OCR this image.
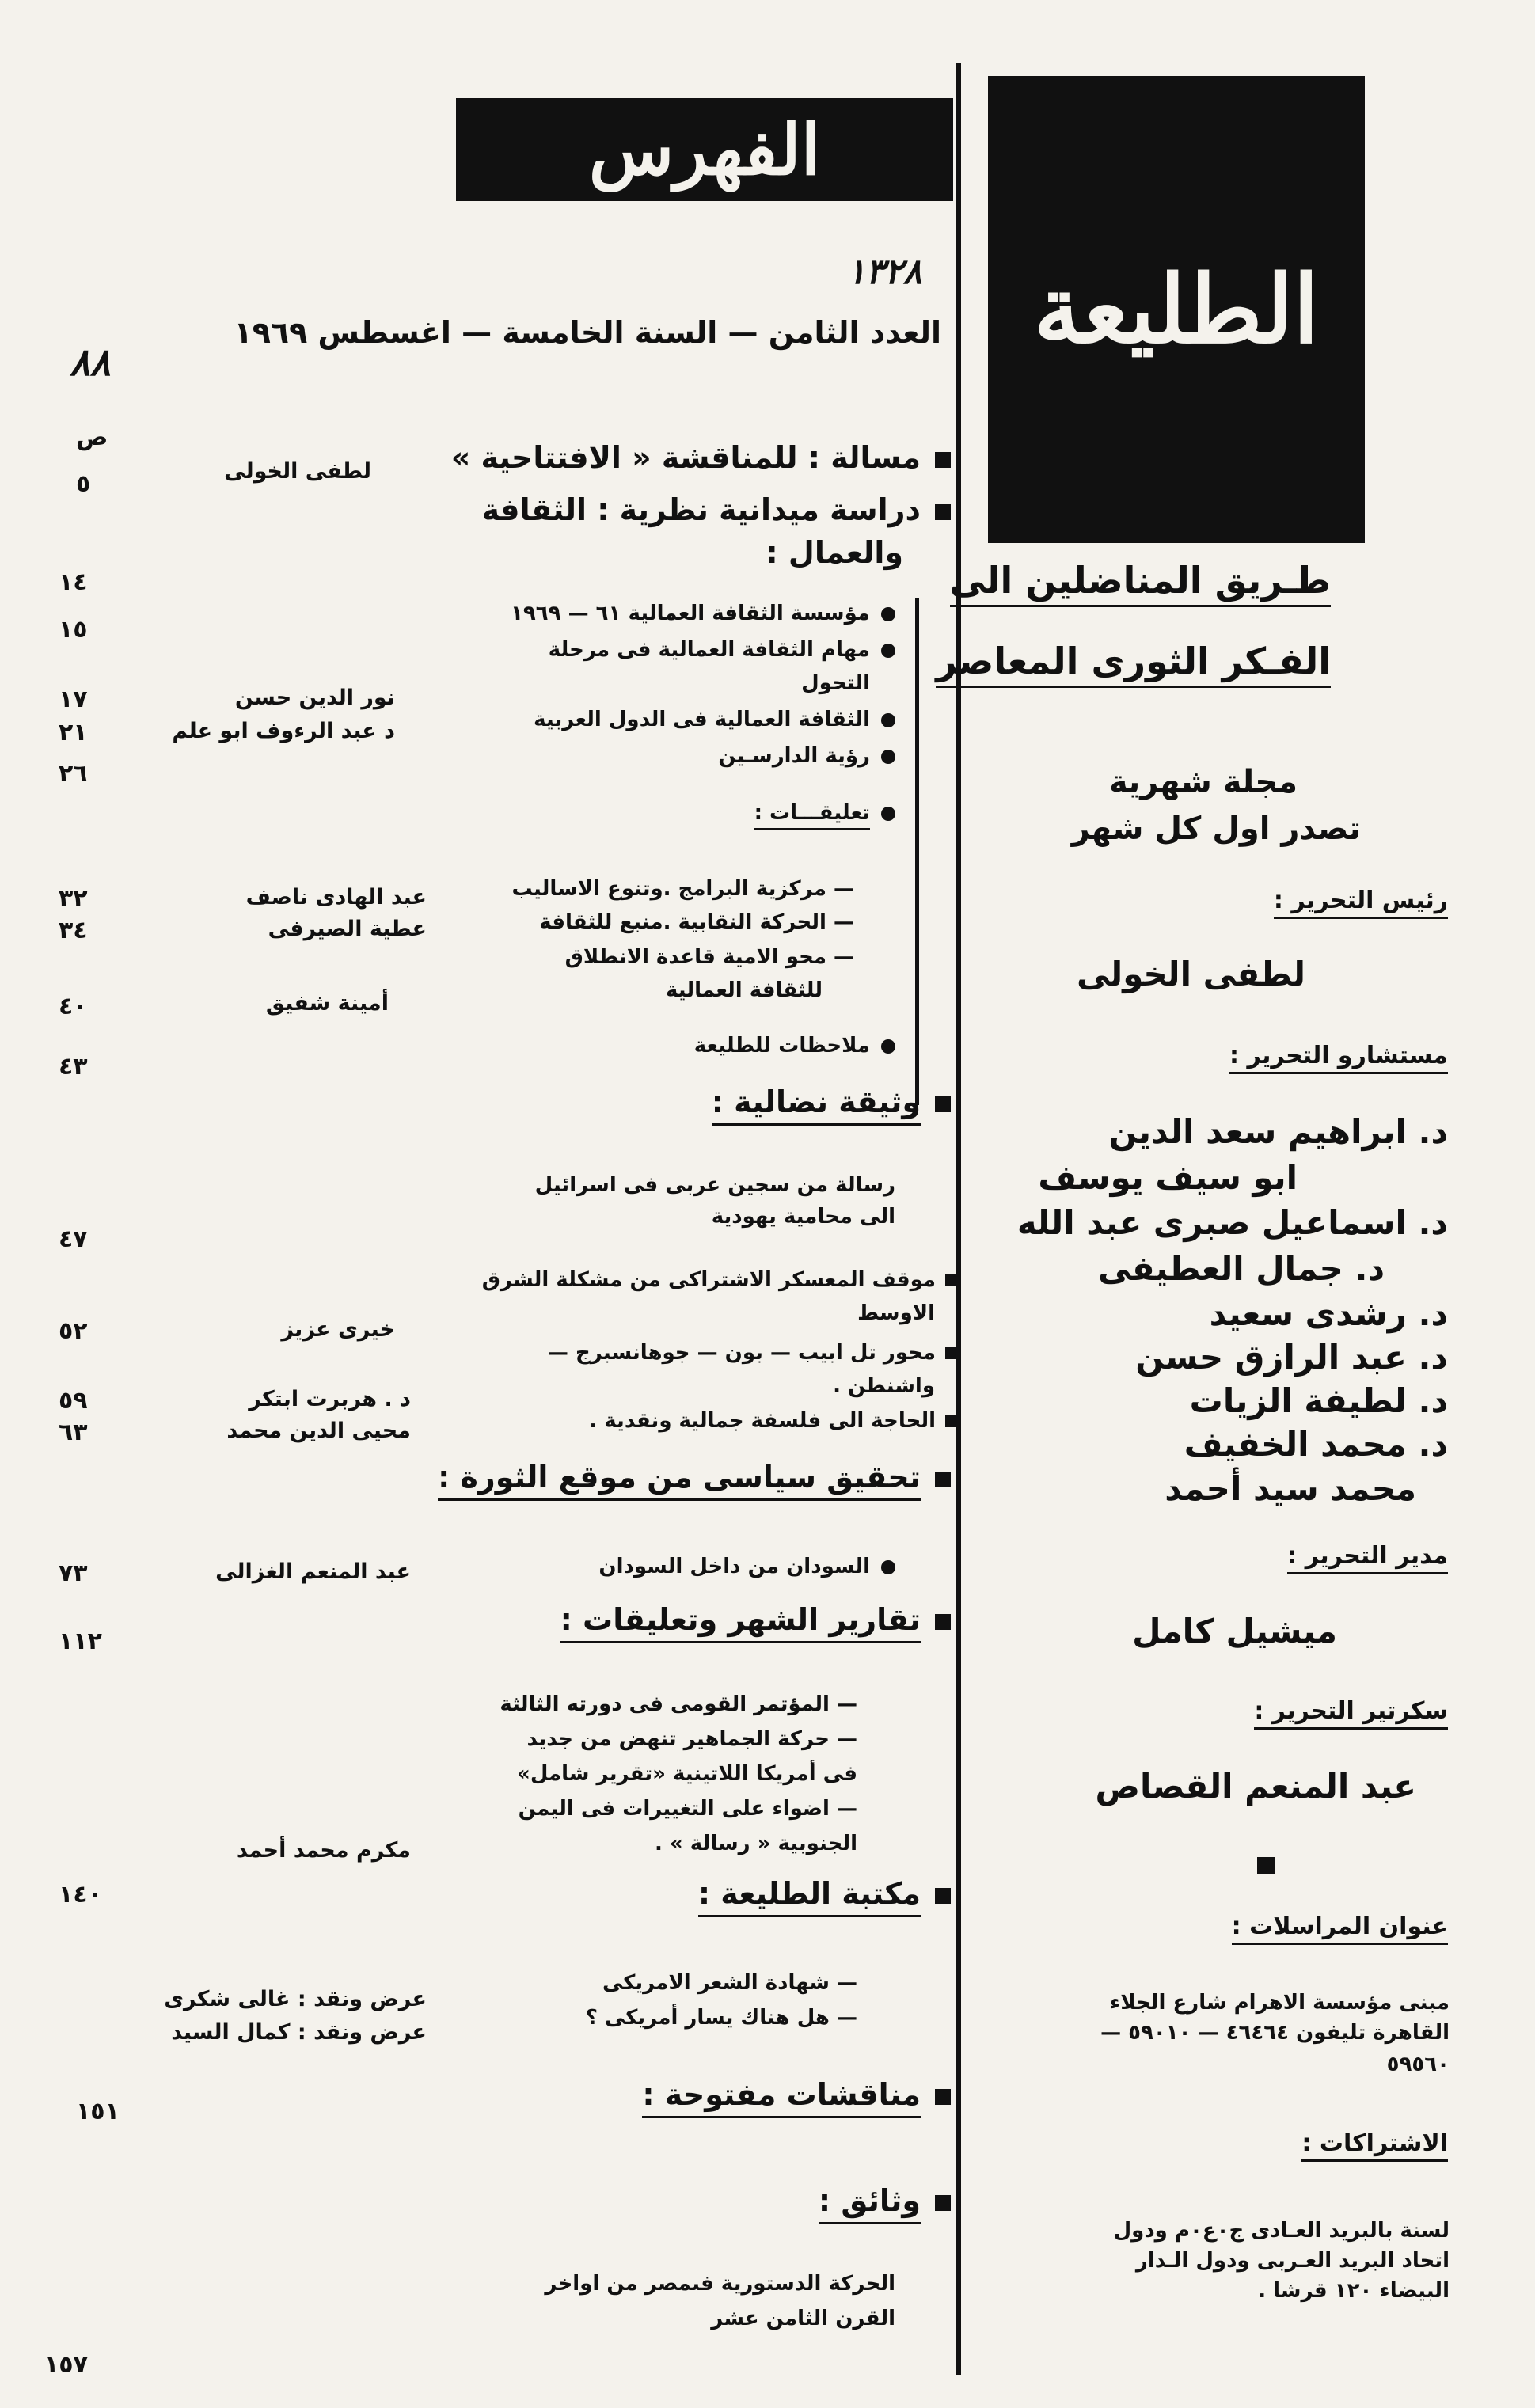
الطليعة
طـريق المناضلين الى
الفـكر الثورى المعاصر
مجلة شهرية
تصدر اول كل شهر
رئيس التحرير :
لطفى الخولى
مستشارو التحرير :
د. ابراهيم سعد الدين
ابو سيف يوسف
د. اسماعيل صبرى عبد الله
د. جمال العطيفى
د. رشدى سعيد
د. عبد الرازق حسن
د. لطيفة الزيات
د. محمد الخفيف
محمد سيد أحمد
مدير التحرير :
ميشيل كامل
سكرتير التحرير :
عبد المنعم القصاص
عنوان المراسلات :
مبنى مؤسسة الاهرام شارع الجلاء
القاهرة تليفون ٤٦٤٦٤ — ٥٩٠١٠ —
٥٩٥٦٠
الاشتراكات :
لسنة بالبريد العـادى ج٠ع٠م ودول
اتحاد البريد العـربى ودول الـدار
البيضاء ١٢٠ قرشا .
الفهرس
١٣٢٨
٨٨
العدد الثامن — السنة الخامسة — اغسطس ١٩٦٩
ص
مسالة : للمناقشة « الافتتاحية »
دراسة ميدانية نظرية : الثقافة
والعمال :
مؤسسة الثقافة العمالية ٦١ — ١٩٦٩
مهام الثقافة العمالية فى مرحلة
التحول
الثقافة العمالية فى الدول العربية
رؤية الدارسـين
تعليقـــات :
— مركزية البرامج .وتنوع الاساليب
— الحركة النقابية .منبع للثقافة
— محو الامية قاعدة الانطلاق
للثقافة العمالية
ملاحظات للطليعة
وثيقة نضالية :
رسالة من سجين عربى فى اسرائيل
الى محامية يهودية
موقف المعسكر الاشتراكى من مشكلة الشرق
الاوسط
محور تل ابيب — بون — جوهانسبرج —
واشنطن .
الحاجة الى فلسفة جمالية ونقدية .
تحقيق سياسى من موقع الثورة :
السودان من داخل السودان
تقارير الشهر وتعليقات :
— المؤتمر القومى فى دورته الثالثة
— حركة الجماهير تنهض من جديد
فى أمريكا اللاتينية «تقرير شامل»
— اضواء على التغييرات فى اليمن
الجنوبية « رسالة » .
مكتبة الطليعة :
— شهادة الشعر الامريكى
— هل هناك يسار أمريكى ؟
مناقشات مفتوحة :
وثائق :
الحركة الدستورية فىمصر من اواخر
القرن الثامن عشر
لطفى الخولى
نور الدين حسن
د عبد الرءوف ابو علم
عبد الهادى ناصف
عطية الصيرفى
أمينة شفيق
خيرى عزيز
د . هربرت ابتكر
محيى الدين محمد
عبد المنعم الغزالى
مكرم محمد أحمد
عرض ونقد : غالى شكرى
عرض ونقد : كمال السيد
٥
١٤
١٥
١٧
٢١
٢٦
٣٢
٣٤
٤٠
٤٣
٤٧
٥٢
٥٩
٦٣
٧٣
١١٢
١٤٠
١٥١
١٥٧
